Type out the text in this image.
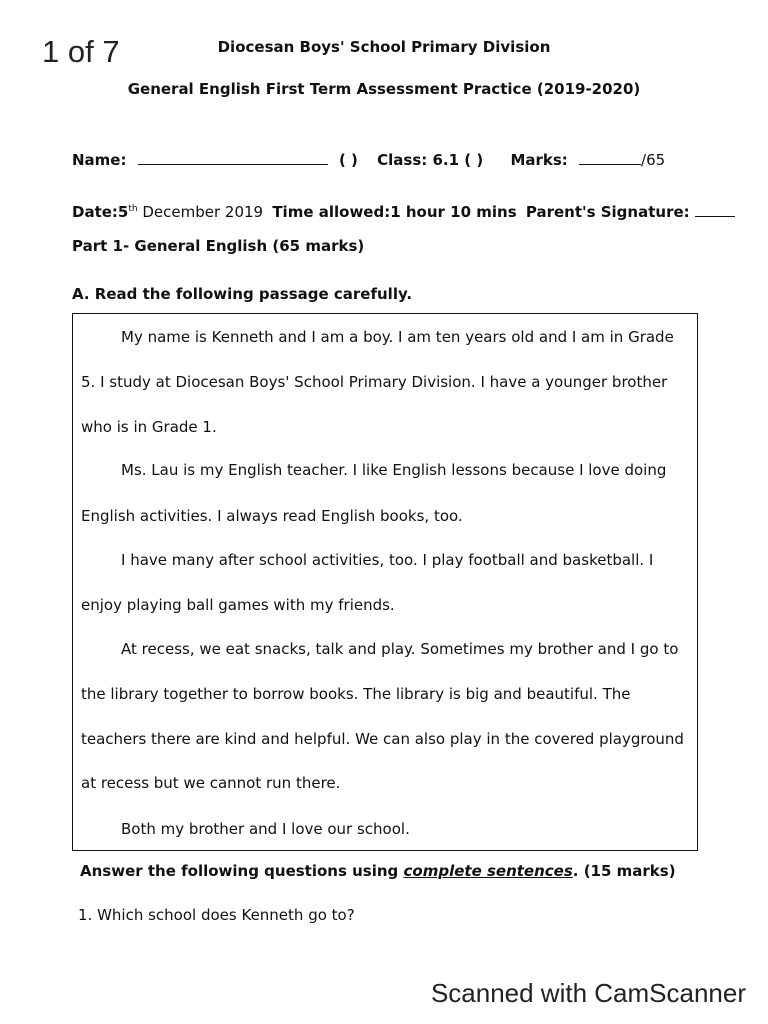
1 of 7	Diocesan Boys' School Primary Division
General English First Term Assessment Practice (2019-2020)
Name:	( ) Class: 6.1 ( ) Marks:	/65
Date:5th December 2019 Time allowed:1 hour 10 mins Parent's Signature:
Part 1- General English (65 marks)
A. Read the following passage carefully.
My name is Kenneth and I am a boy. I am ten years old and I am in Grade
5. I study at Diocesan Boys' School Primary Division. I have a younger brother
who is in Grade 1.
Ms. Lau is my English teacher. I like English lessons because I love doing
English activities. I always read English books, too.
I have many after school activities, too. I play football and basketball. I
enjoy playing ball games with my friends.
At recess, we eat snacks, talk and play. Sometimes my brother and I go to
the library together to borrow books. The library is big and beautiful. The
teachers there are kind and helpful. We can also play in the covered playground
at recess but we cannot run there.
Both my brother and I love our school.
Answer the following questions using complete sentences. (15 marks)
1. Which school does Kenneth go to?
Scanned with CamScanner
